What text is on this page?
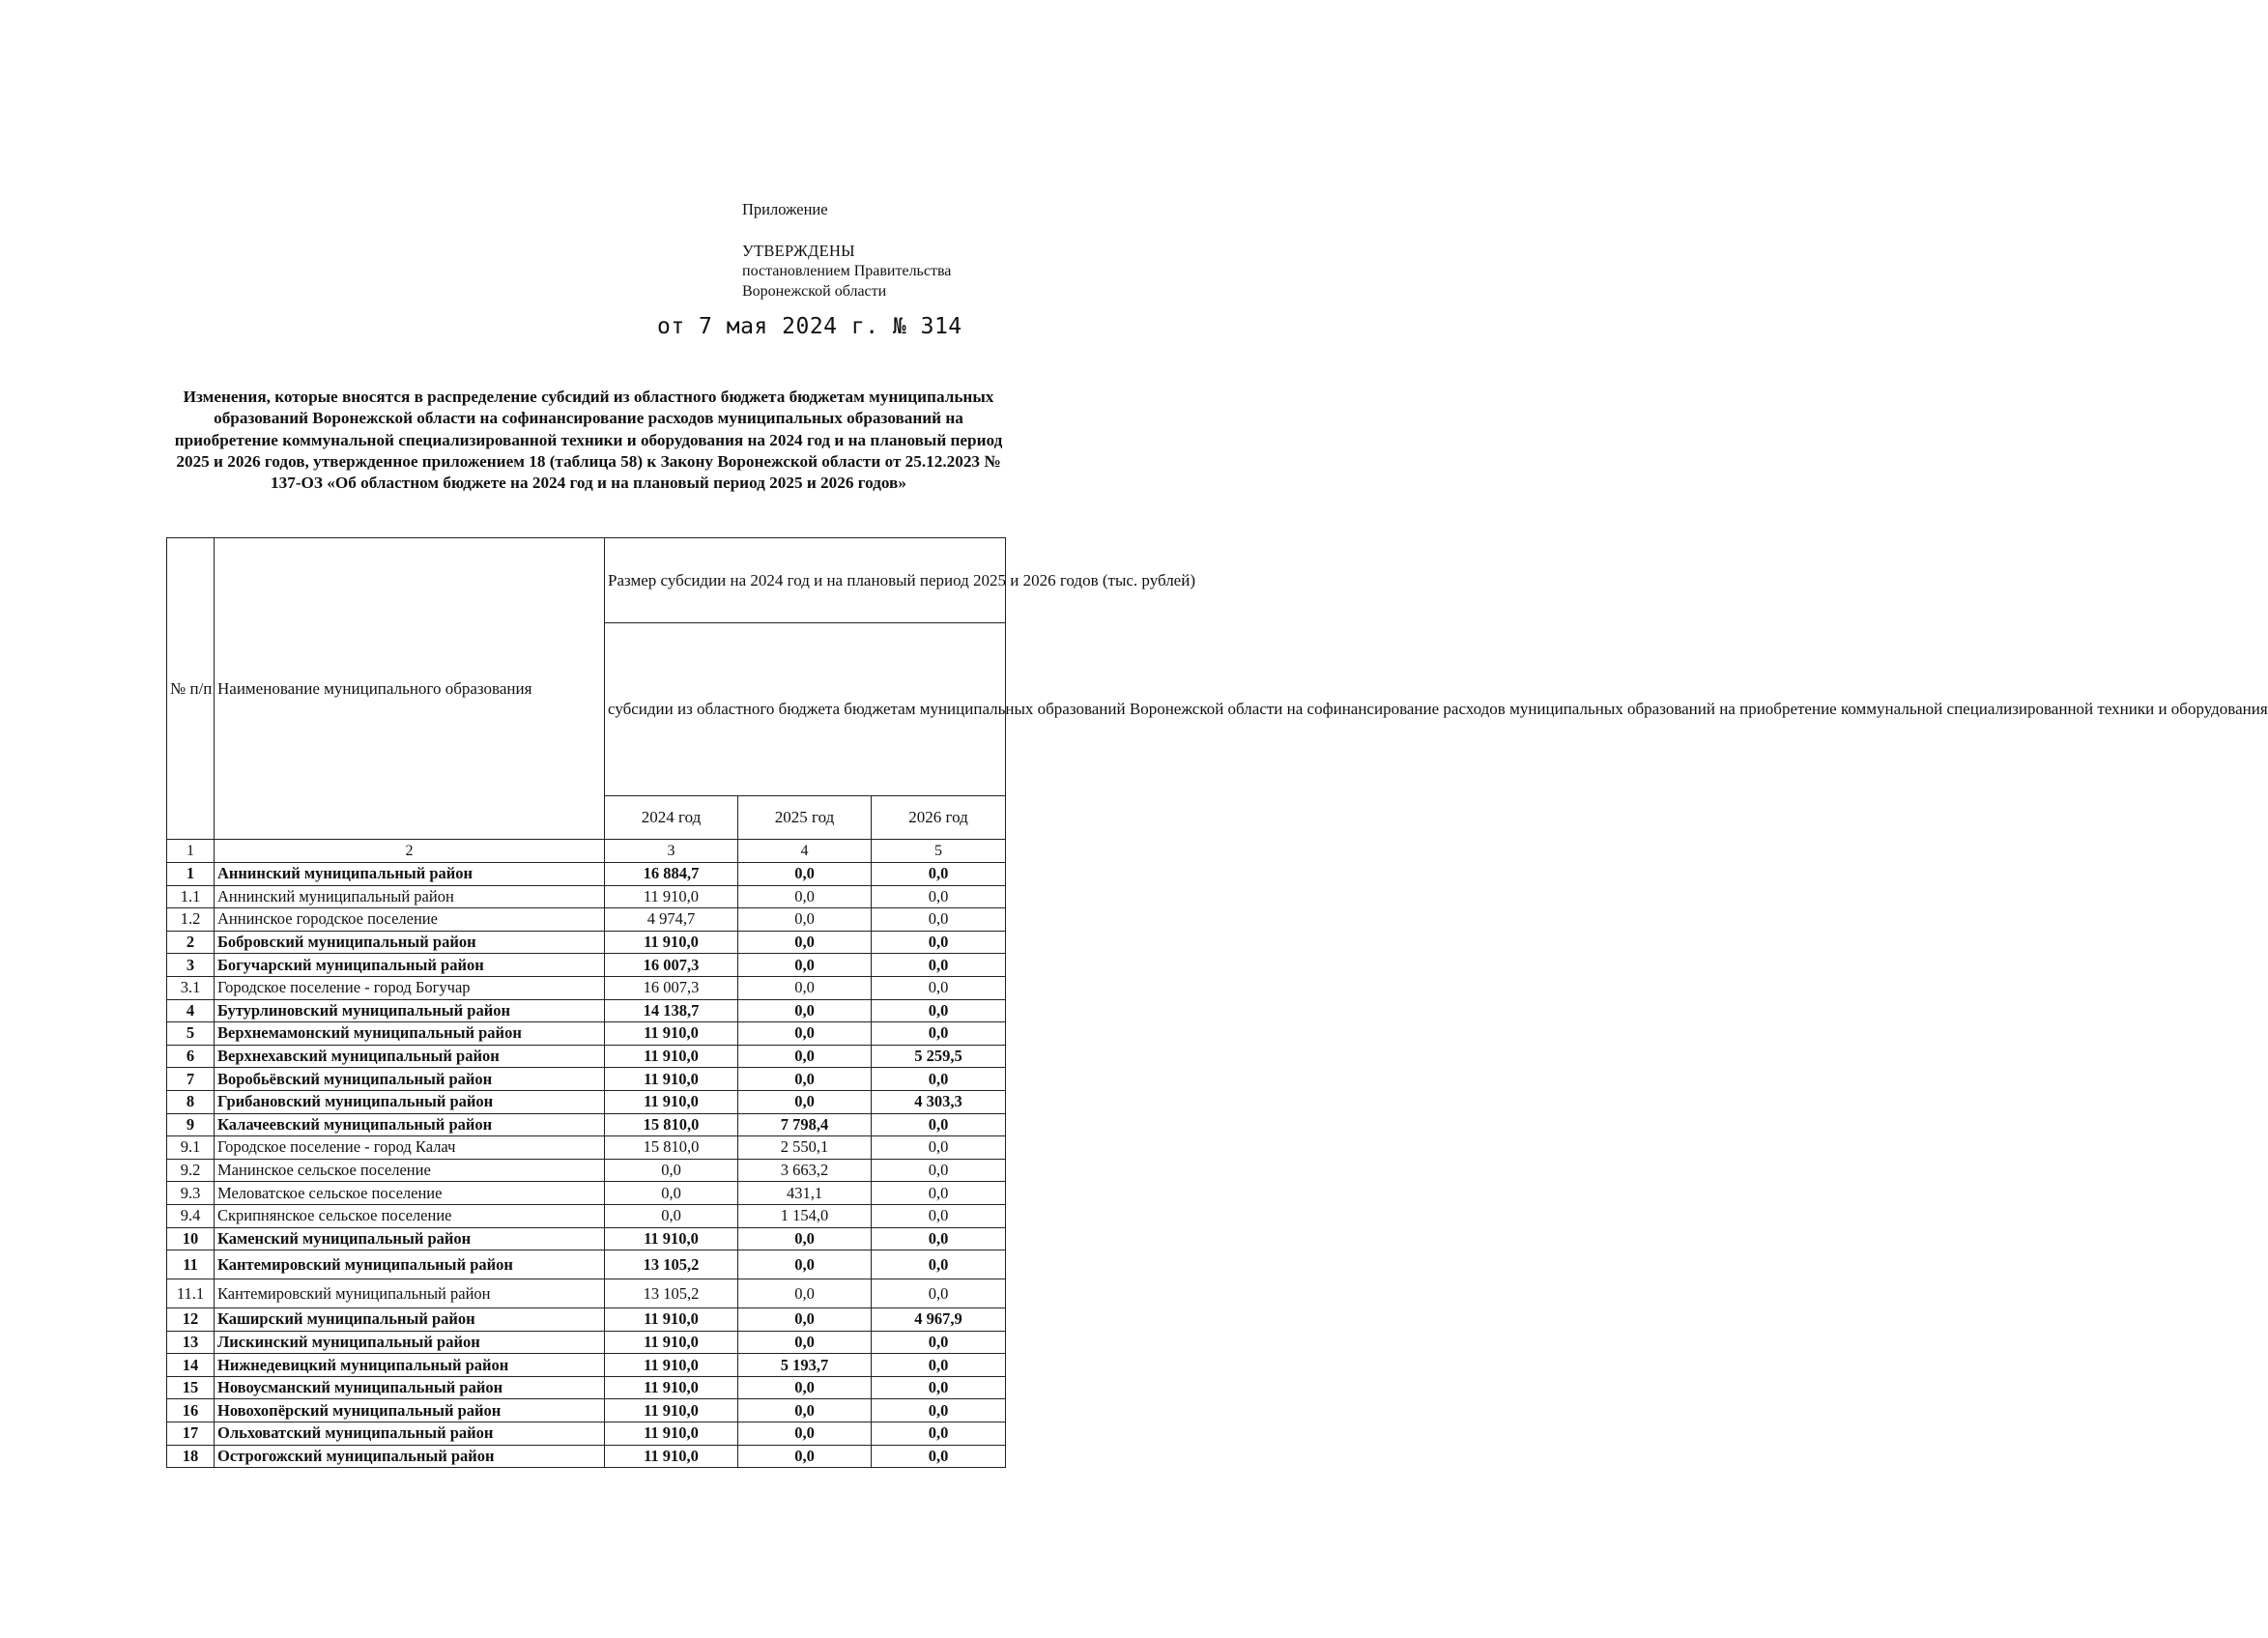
Приложение
УТВЕРЖДЕНЫ
постановлением Правительства
Воронежской области
от 7 мая 2024 г. № 314
Изменения, которые вносятся в распределение субсидий из областного бюджета бюджетам муниципальных образований Воронежской области на софинансирование расходов муниципальных образований на приобретение коммунальной специализированной техники и оборудования на 2024 год и на плановый период 2025 и 2026 годов, утвержденное приложением 18 (таблица 58) к Закону Воронежской области от 25.12.2023 № 137-ОЗ «Об областном бюджете на 2024 год и на плановый период 2025 и 2026 годов»
№ п/п	Наименование муниципального образования	Размер субсидии на 2024 год и на плановый период 2025 и 2026 годов (тыс. рублей)		
		субсидии из областного бюджета бюджетам муниципальных образований Воронежской области на софинансирование расходов муниципальных образований на приобретение коммунальной специализированной техники и оборудования		
		2024 год	2025 год	2026 год
1	2	3	4	5
1	Аннинский муниципальный район	16 884,7	0,0	0,0
1.1	Аннинский муниципальный район	11 910,0	0,0	0,0
1.2	Аннинское городское поселение	4 974,7	0,0	0,0
2	Бобровский муниципальный район	11 910,0	0,0	0,0
3	Богучарский муниципальный район	16 007,3	0,0	0,0
3.1	Городское поселение - город Богучар	16 007,3	0,0	0,0
4	Бутурлиновский муниципальный район	14 138,7	0,0	0,0
5	Верхнемамонский муниципальный район	11 910,0	0,0	0,0
6	Верхнехавский муниципальный район	11 910,0	0,0	5 259,5
7	Воробьёвский муниципальный район	11 910,0	0,0	0,0
8	Грибановский муниципальный район	11 910,0	0,0	4 303,3
9	Калачеевский муниципальный район	15 810,0	7 798,4	0,0
9.1	Городское поселение - город Калач	15 810,0	2 550,1	0,0
9.2	Манинское сельское поселение	0,0	3 663,2	0,0
9.3	Меловатское сельское поселение	0,0	431,1	0,0
9.4	Скрипнянское сельское поселение	0,0	1 154,0	0,0
10	Каменский муниципальный район	11 910,0	0,0	0,0
11	Кантемировский муниципальный район	13 105,2	0,0	0,0
11.1	Кантемировский муниципальный район	13 105,2	0,0	0,0
12	Каширский муниципальный район	11 910,0	0,0	4 967,9
13	Лискинский муниципальный район	11 910,0	0,0	0,0
14	Нижнедевицкий муниципальный район	11 910,0	5 193,7	0,0
15	Новоусманский муниципальный район	11 910,0	0,0	0,0
16	Новохопёрский муниципальный район	11 910,0	0,0	0,0
17	Ольховатский муниципальный район	11 910,0	0,0	0,0
18	Острогожский муниципальный район	11 910,0	0,0	0,0
